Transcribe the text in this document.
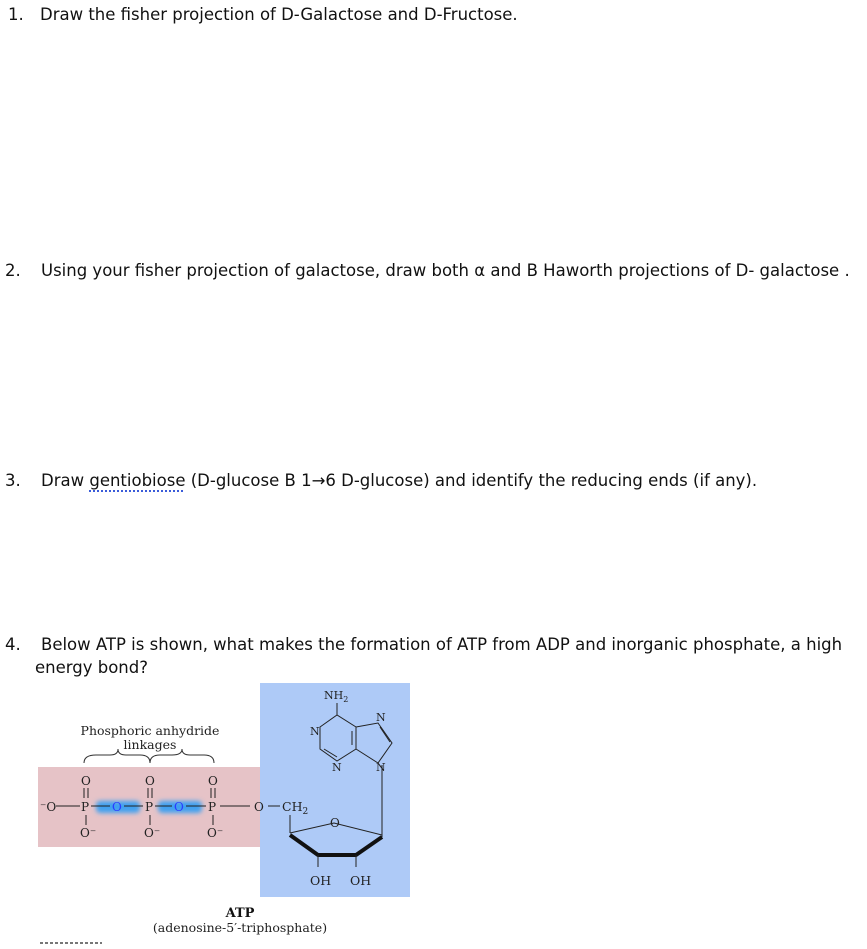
1. Draw the fisher projection of D-Galactose and D-Fructose.
2. Using your fisher projection of galactose, draw both α and Β Haworth projections of D- galactose .
3. Draw gentiobiose (D-glucose Β 1→6 D-glucose) and identify the reducing ends (if any).
4. Below ATP is shown, what makes the formation of ATP from ADP and inorganic phosphate, a high
energy bond?
Phosphoric anhydride
linkages
⁻O P O P O P	O
O	O	O
O⁻	O⁻	O⁻
$CH_2$
O
OH OH
$NH_2$
N
N
N
N
ATP
(adenosine-5′-triphosphate)
